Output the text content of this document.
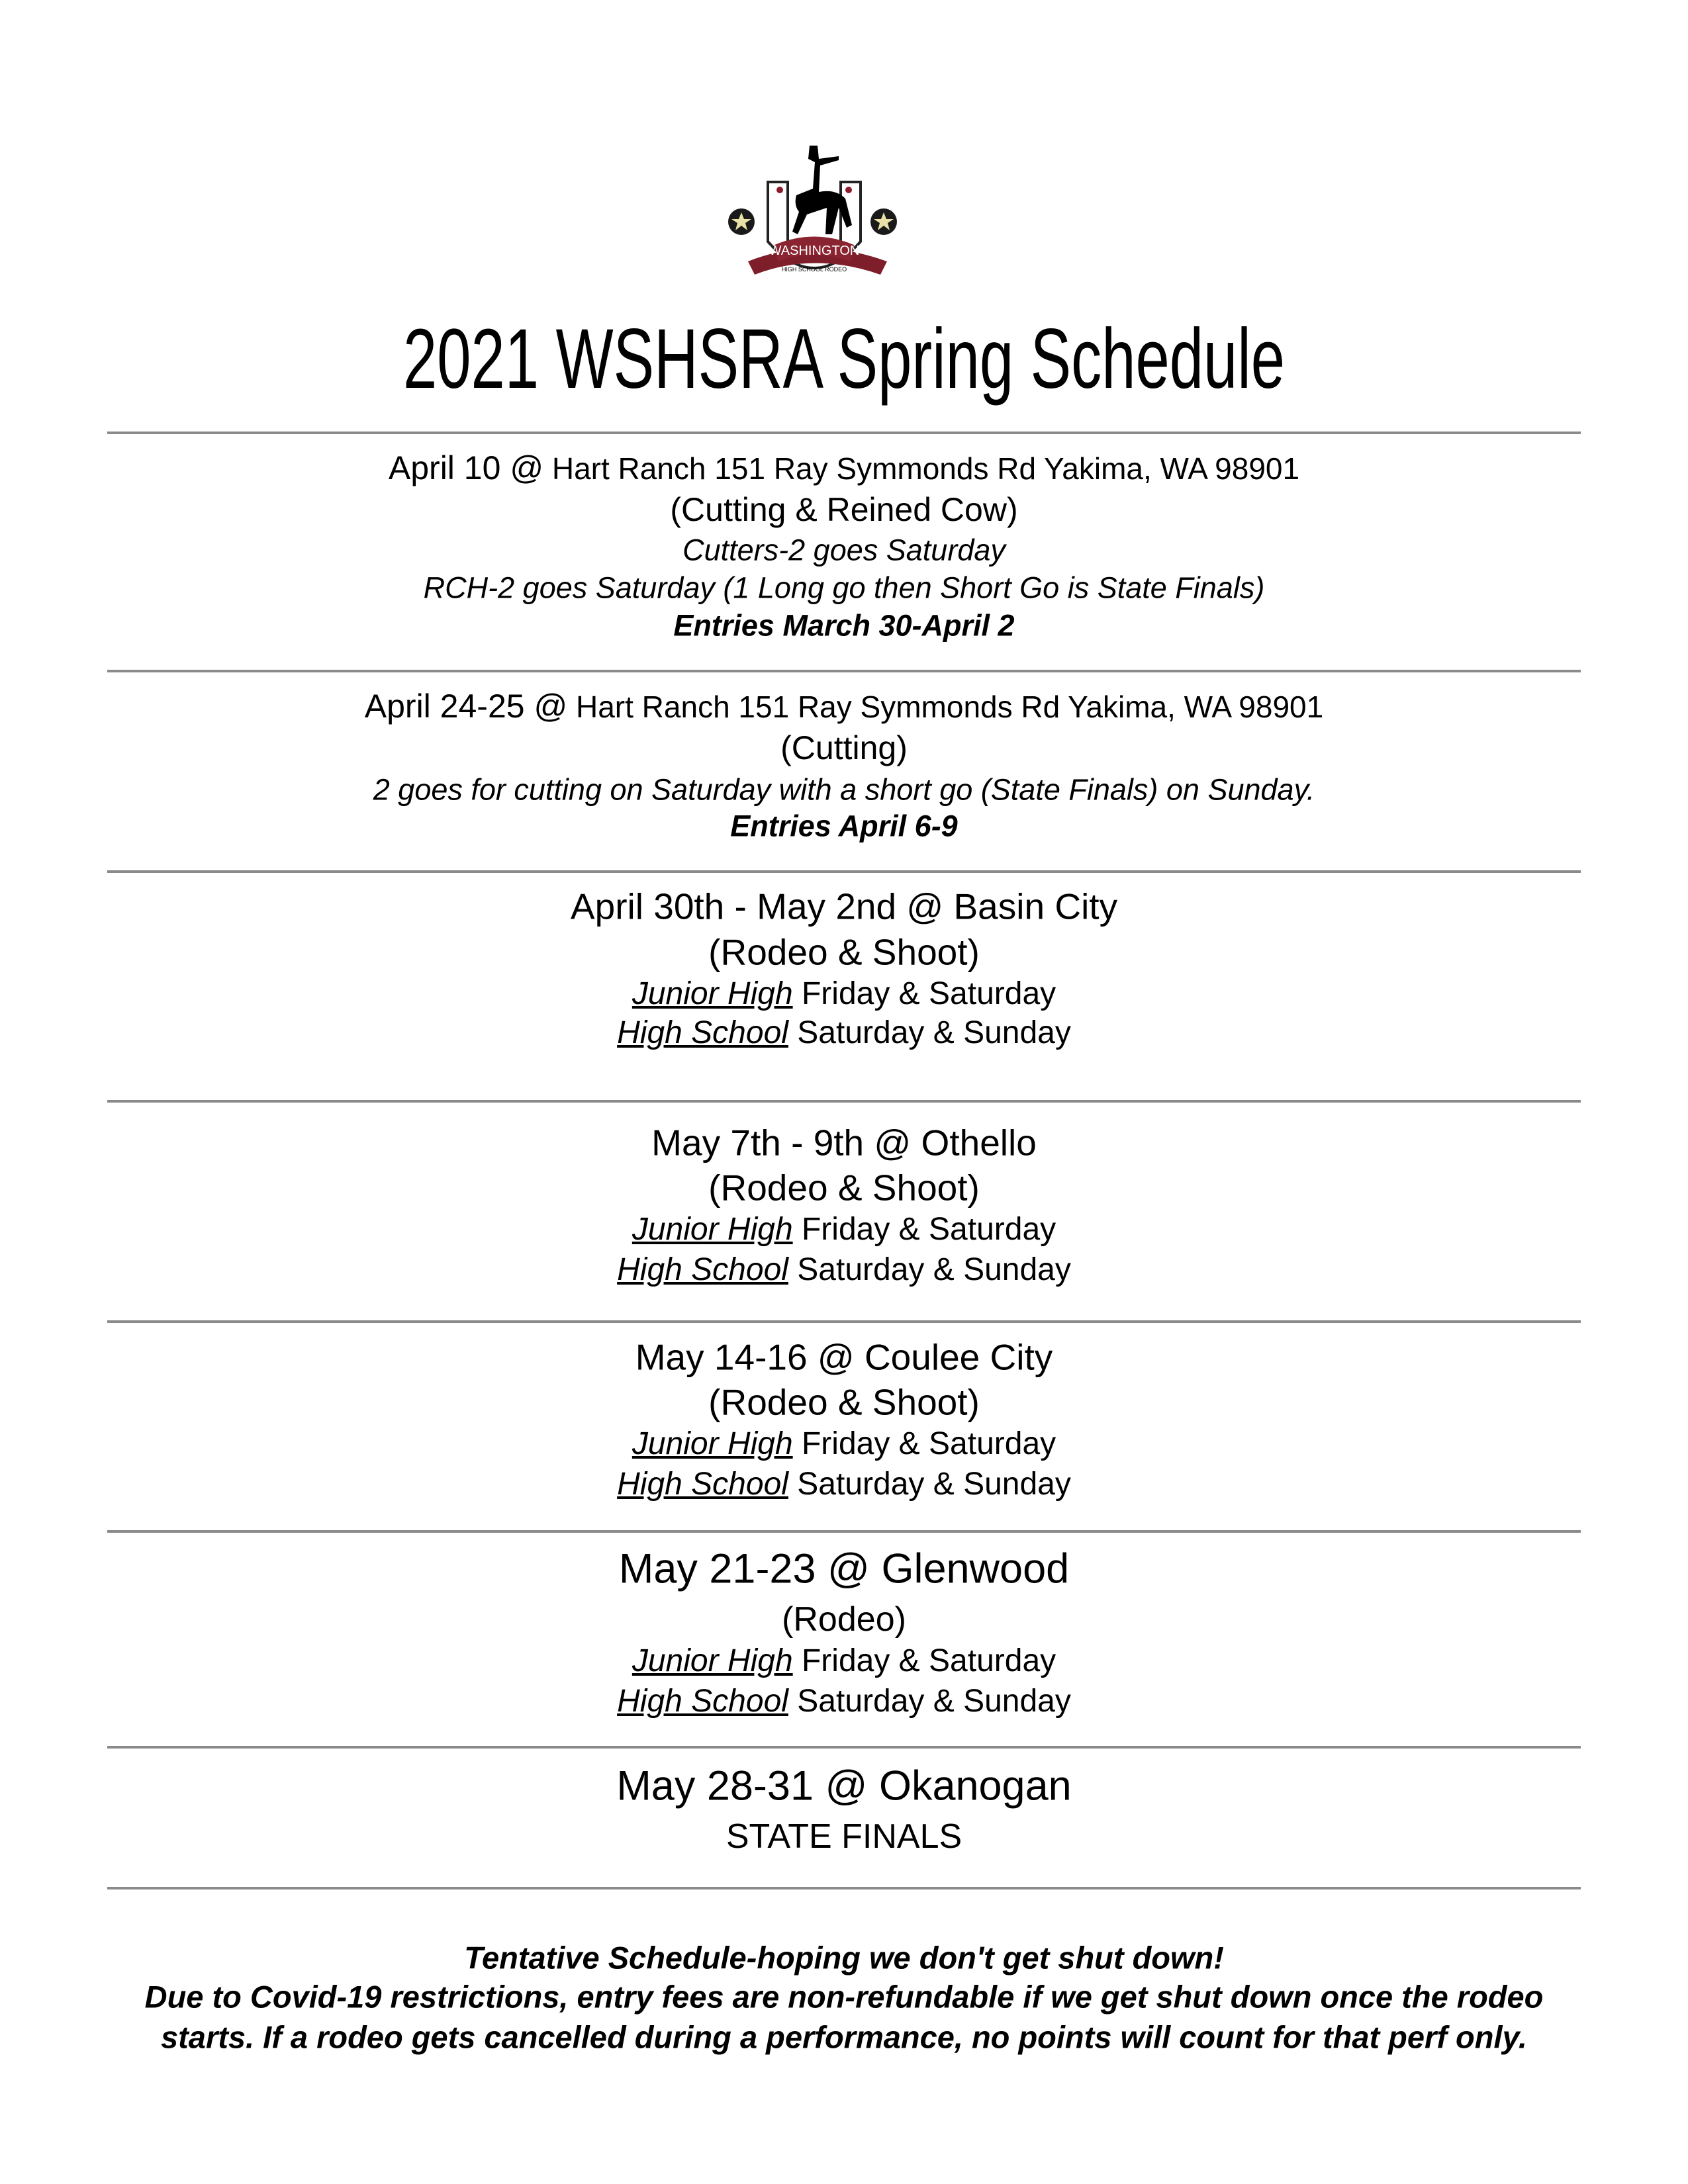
WASHINGTON
HIGH SCHOOL RODEO
2021 WSHSRA Spring Schedule
April 10 @ Hart Ranch 151 Ray Symmonds Rd Yakima, WA 98901
(Cutting & Reined Cow)
Cutters-2 goes Saturday
RCH-2 goes Saturday (1 Long go then Short Go is State Finals)
Entries March 30-April 2
April 24-25 @ Hart Ranch 151 Ray Symmonds Rd Yakima, WA 98901
(Cutting)
2 goes for cutting on Saturday with a short go (State Finals) on Sunday.
Entries April 6-9
April 30th - May 2nd @ Basin City
(Rodeo & Shoot)
Junior High Friday & Saturday
High School Saturday & Sunday
May 7th - 9th @ Othello
(Rodeo & Shoot)
Junior High Friday & Saturday
High School Saturday & Sunday
May 14-16 @ Coulee City
(Rodeo & Shoot)
Junior High Friday & Saturday
High School Saturday & Sunday
May 21-23 @ Glenwood
(Rodeo)
Junior High Friday & Saturday
High School Saturday & Sunday
May 28-31 @ Okanogan
STATE FINALS
Tentative Schedule-hoping we don't get shut down!
Due to Covid-19 restrictions, entry fees are non-refundable if we get shut down once the rodeo
starts. If a rodeo gets cancelled during a performance, no points will count for that perf only.
